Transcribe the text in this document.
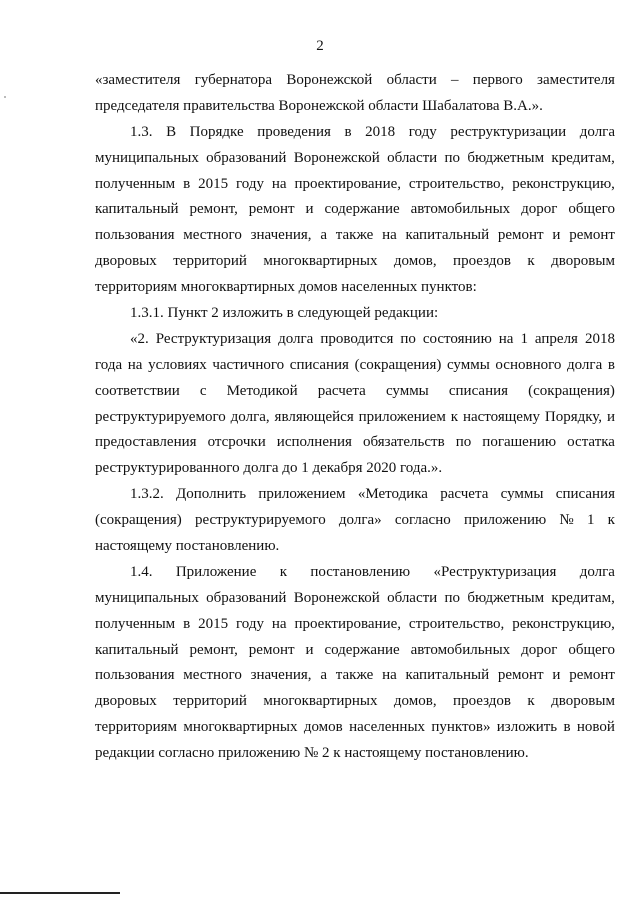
2
«заместителя губернатора Воронежской области – первого заместителя
председателя правительства Воронежской области Шабалатова В.А.».
1.3. В Порядке проведения в 2018 году реструктуризации долга
муниципальных образований Воронежской области по бюджетным кредитам,
полученным в 2015 году на проектирование, строительство, реконструкцию,
капитальный ремонт, ремонт и содержание автомобильных дорог общего
пользования местного значения, а также на капитальный ремонт и ремонт
дворовых территорий многоквартирных домов, проездов к дворовым
территориям многоквартирных домов населенных пунктов:
1.3.1. Пункт 2 изложить в следующей редакции:
«2. Реструктуризация долга проводится по состоянию на 1 апреля 2018
года на условиях частичного списания (сокращения) суммы основного долга в
соответствии с Методикой расчета суммы списания (сокращения)
реструктурируемого долга, являющейся приложением к настоящему Порядку, и
предоставления отсрочки исполнения обязательств по погашению остатка
реструктурированного долга до 1 декабря 2020 года.».
1.3.2. Дополнить приложением «Методика расчета суммы списания
(сокращения) реструктурируемого долга» согласно приложению № 1 к
настоящему постановлению.
1.4. Приложение к постановлению «Реструктуризация долга
муниципальных образований Воронежской области по бюджетным кредитам,
полученным в 2015 году на проектирование, строительство, реконструкцию,
капитальный ремонт, ремонт и содержание автомобильных дорог общего
пользования местного значения, а также на капитальный ремонт и ремонт
дворовых территорий многоквартирных домов, проездов к дворовым
территориям многоквартирных домов населенных пунктов» изложить в новой
редакции согласно приложению № 2 к настоящему постановлению.
